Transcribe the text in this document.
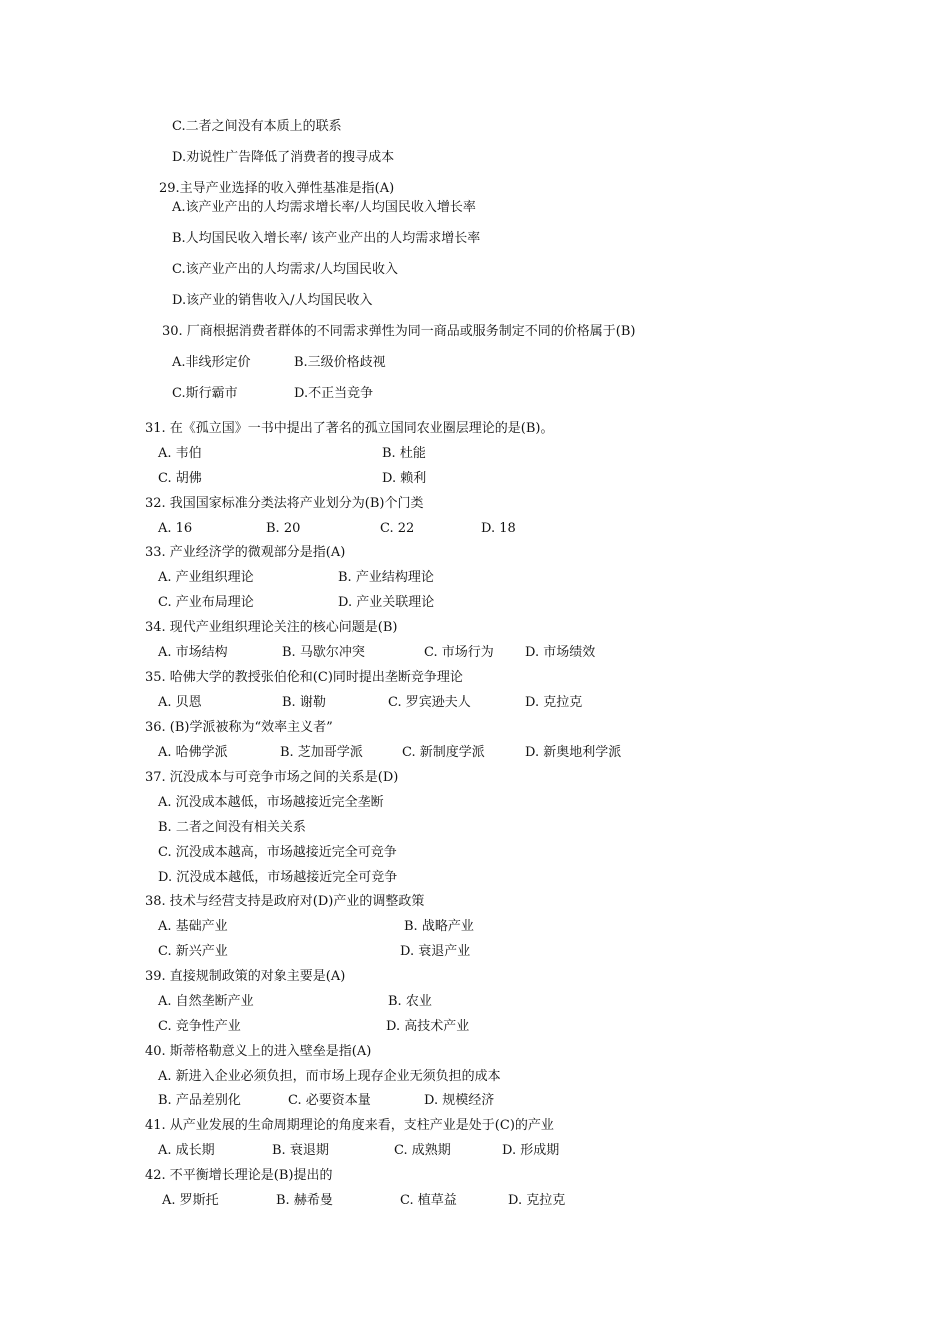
C.二者之间没有本质上的联系
D.劝说性广告降低了消费者的搜寻成本
29.主导产业选择的收入弹性基准是指(A)
A.该产业产出的人均需求增长率/人均国民收入增长率
B.人均国民收入增长率/ 该产业产出的人均需求增长率
C.该产业产出的人均需求/人均国民收入
D.该产业的销售收入/人均国民收入
30. 厂商根据消费者群体的不同需求弹性为同一商品或服务制定不同的价格属于(B)
A.非线形定价	B.三级价格歧视
C.斯行霸市	D.不正当竞争
31. 在《孤立国》一书中提出了著名的孤立国同农业圈层理论的是(B)。
A. 韦伯	B. 杜能
C. 胡佛	D. 赖利
32. 我国国家标准分类法将产业划分为(B)个门类
A. 16	B. 20	C. 22	D. 18
33. 产业经济学的微观部分是指(A)
A. 产业组织理论	B. 产业结构理论
C. 产业布局理论	D. 产业关联理论
34. 现代产业组织理论关注的核心问题是(B)
A. 市场结构	B. 马歇尔冲突	C. 市场行为 D. 市场绩效
35. 哈佛大学的教授张伯伦和(C)同时提出垄断竞争理论
A. 贝恩	B. 谢勒	C. 罗宾逊夫人	D. 克拉克
36. (B)学派被称为“效率主义者”
A. 哈佛学派	B. 芝加哥学派	C. 新制度学派	D. 新奥地利学派
37. 沉没成本与可竞争市场之间的关系是(D)
A. 沉没成本越低，市场越接近完全垄断
B. 二者之间没有相关关系
C. 沉没成本越高，市场越接近完全可竞争
D. 沉没成本越低，市场越接近完全可竞争
38. 技术与经营支持是政府对(D)产业的调整政策
A. 基础产业	B. 战略产业
C. 新兴产业	D. 衰退产业
39. 直接规制政策的对象主要是(A)
A. 自然垄断产业	B. 农业
C. 竞争性产业	D. 高技术产业
40. 斯蒂格勒意义上的进入壁垒是指(A)
A. 新进入企业必须负担，而市场上现存企业无须负担的成本
B. 产品差别化	C. 必要资本量	D. 规模经济
41. 从产业发展的生命周期理论的角度来看，支柱产业是处于(C)的产业
A. 成长期	B. 衰退期	C. 成熟期	D. 形成期
42. 不平衡增长理论是(B)提出的
A. 罗斯托	B. 赫希曼	C. 植草益	D. 克拉克
